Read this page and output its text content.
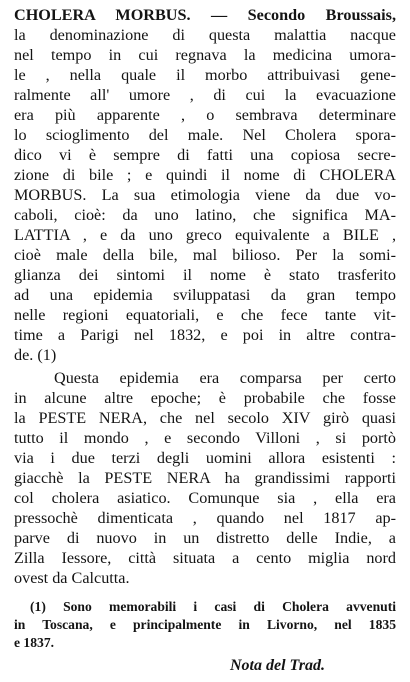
CHOLERA MORBUS. — Secondo Broussais,
la denominazione di questa malattia nacque
nel tempo in cui regnava la medicina umora-
le , nella quale il morbo attribuivasi gene-
ralmente all' umore , di cui la evacuazione
era più apparente , o sembrava determinare
lo scioglimento del male. Nel Cholera spora-
dico vi è sempre di fatti una copiosa secre-
zione di bile ; e quindi il nome di CHOLERA
MORBUS. La sua etimologia viene da due vo-
caboli, cioè: da uno latino, che significa MA-
LATTIA , e da uno greco equivalente a BILE ,
cioè male della bile, mal bilioso. Per la somi-
glianza dei sintomi il nome è stato trasferito
ad una epidemia sviluppatasi da gran tempo
nelle regioni equatoriali, e che fece tante vit-
time a Parigi nel 1832, e poi in altre contra-
de. (1)
Questa epidemia era comparsa per certo
in alcune altre epoche; è probabile che fosse
la PESTE NERA, che nel secolo XIV girò quasi
tutto il mondo , e secondo Villoni , si portò
via i due terzi degli uomini allora esistenti :
giacchè la PESTE NERA ha grandissimi rapporti
col cholera asiatico. Comunque sia , ella era
pressochè dimenticata , quando nel 1817 ap-
parve di nuovo in un distretto delle Indie, a
Zilla Iessore, città situata a cento miglia nord
ovest da Calcutta.
(1) Sono memorabili i casi di Cholera avvenuti
in Toscana, e principalmente in Livorno, nel 1835
e 1837.
Nota del Trad.
